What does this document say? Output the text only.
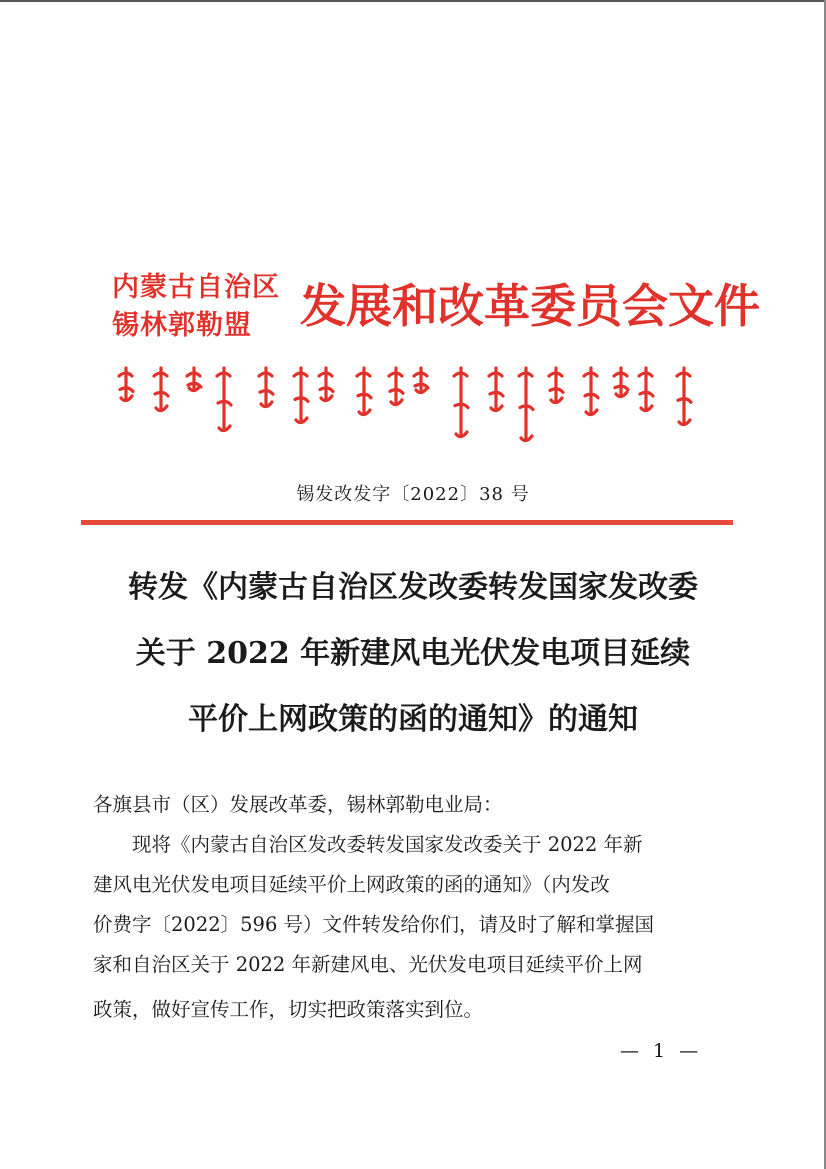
内蒙古自治区
锡林郭勒盟 发展和改革委员会文件
锡发改发字〔2022〕38 号
转发《内蒙古自治区发改委转发国家发改委
关于 2022 年新建风电光伏发电项目延续
平价上网政策的函的通知》的通知
各旗县市（区）发展改革委，锡林郭勒电业局：
现将《内蒙古自治区发改委转发国家发改委关于 2022 年新
建风电光伏发电项目延续平价上网政策的函的通知》（内发改
价费字〔2022〕596 号）文件转发给你们，请及时了解和掌握国
家和自治区关于 2022 年新建风电、光伏发电项目延续平价上网
政策，做好宣传工作，切实把政策落实到位。
— 1 —
